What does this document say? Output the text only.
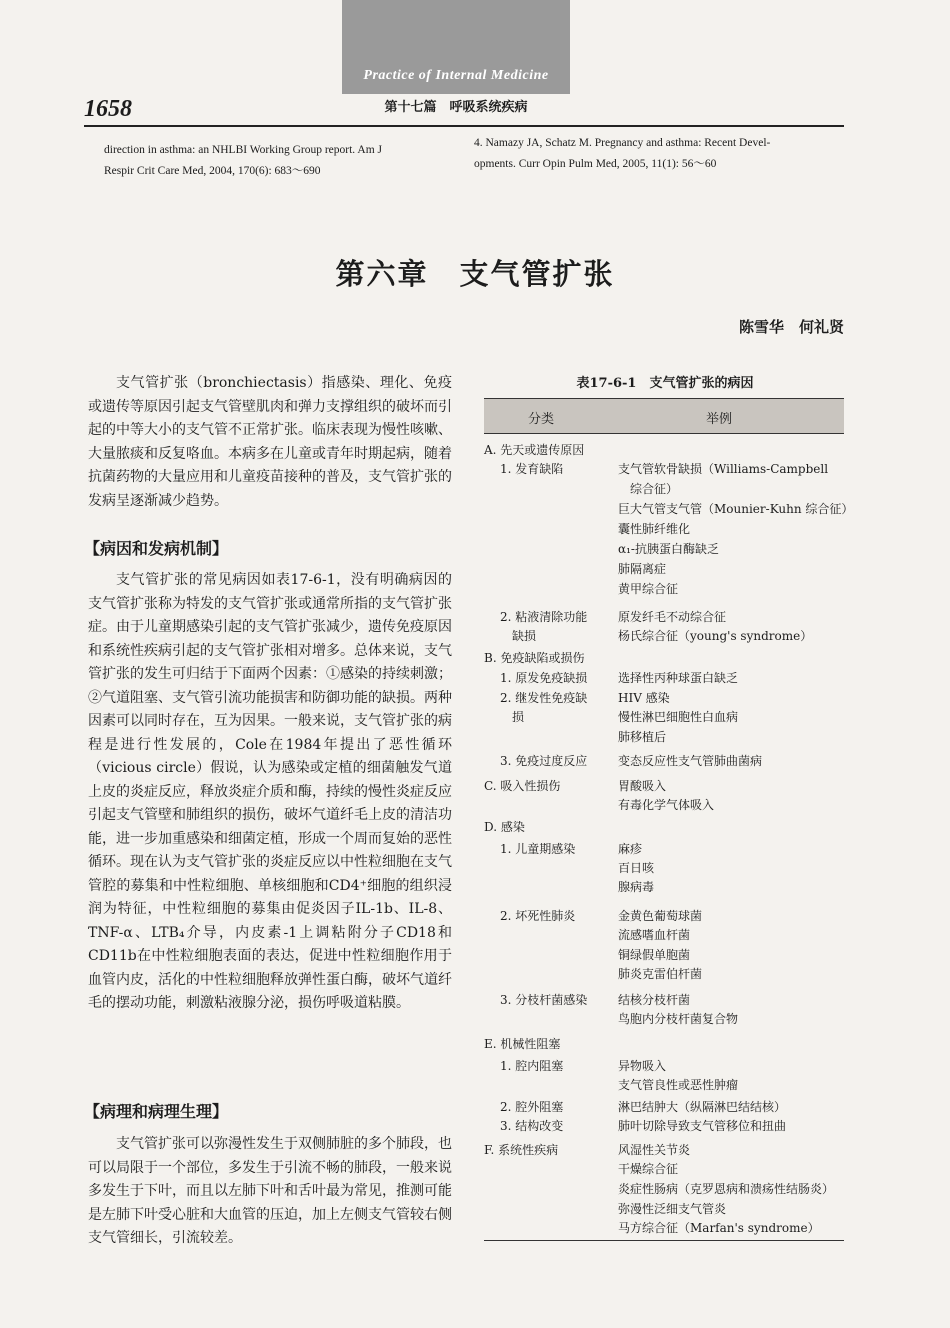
Practice of Internal Medicine
第十七篇　呼吸系统疾病
1658
direction in asthma: an NHLBI Working Group report. Am J
Respir Crit Care Med, 2004, 170(6): 683～690
4. Namazy JA, Schatz M. Pregnancy and asthma: Recent Devel-
opments. Curr Opin Pulm Med, 2005, 11(1): 56～60
第六章　支气管扩张
陈雪华　何礼贤
支气管扩张（bronchiectasis）指感染、理化、免疫或遗传等原因引起支气管壁肌肉和弹力支撑组织的破坏而引起的中等大小的支气管不正常扩张。临床表现为慢性咳嗽、大量脓痰和反复咯血。本病多在儿童或青年时期起病，随着抗菌药物的大量应用和儿童疫苗接种的普及，支气管扩张的发病呈逐渐减少趋势。
【病因和发病机制】
支气管扩张的常见病因如表17-6-1，没有明确病因的支气管扩张称为特发的支气管扩张或通常所指的支气管扩张症。由于儿童期感染引起的支气管扩张减少，遗传免疫原因和系统性疾病引起的支气管扩张相对增多。总体来说，支气管扩张的发生可归结于下面两个因素：①感染的持续刺激；②气道阻塞、支气管引流功能损害和防御功能的缺损。两种因素可以同时存在，互为因果。一般来说，支气管扩张的病程是进行性发展的，Cole在1984年提出了恶性循环（vicious circle）假说，认为感染或定植的细菌触发气道上皮的炎症反应，释放炎症介质和酶，持续的慢性炎症反应引起支气管壁和肺组织的损伤，破坏气道纤毛上皮的清洁功能，进一步加重感染和细菌定植，形成一个周而复始的恶性循环。现在认为支气管扩张的炎症反应以中性粒细胞在支气管腔的募集和中性粒细胞、单核细胞和CD4⁺细胞的组织浸润为特征，中性粒细胞的募集由促炎因子IL-1b、IL-8、TNF-α、LTB₄介导，内皮素-1上调粘附分子CD18和CD11b在中性粒细胞表面的表达，促进中性粒细胞作用于血管内皮，活化的中性粒细胞释放弹性蛋白酶，破坏气道纤毛的摆动功能，刺激粘液腺分泌，损伤呼吸道粘膜。
【病理和病理生理】
支气管扩张可以弥漫性发生于双侧肺脏的多个肺段，也可以局限于一个部位，多发生于引流不畅的肺段，一般来说多发生于下叶，而且以左肺下叶和舌叶最为常见，推测可能是左肺下叶受心脏和大血管的压迫，加上左侧支气管较右侧支气管细长，引流较差。
表17-6-1　支气管扩张的病因
分类	举例
A. 先天或遗传原因
1. 发育缺陷	支气管软骨缺损（Williams-Campbell
　综合征）
巨大气管支气管（Mounier-Kuhn 综合征）
囊性肺纤维化
α₁-抗胰蛋白酶缺乏
肺隔离症
黄甲综合征
2. 粘液清除功能	原发纤毛不动综合征
　缺损	杨氏综合征（young's syndrome）
B. 免疫缺陷或损伤
1. 原发免疫缺损	选择性丙种球蛋白缺乏
2. 继发性免疫缺	HIV 感染
　损	慢性淋巴细胞性白血病
肺移植后
3. 免疫过度反应	变态反应性支气管肺曲菌病
C. 吸入性损伤	胃酸吸入
有毒化学气体吸入
D. 感染
1. 儿童期感染	麻疹
百日咳
腺病毒
2. 坏死性肺炎	金黄色葡萄球菌
流感嗜血杆菌
铜绿假单胞菌
肺炎克雷伯杆菌
3. 分枝杆菌感染	结核分枝杆菌
鸟胞内分枝杆菌复合物
E. 机械性阻塞
1. 腔内阻塞	异物吸入
支气管良性或恶性肿瘤
2. 腔外阻塞	淋巴结肿大（纵隔淋巴结结核）
3. 结构改变	肺叶切除导致支气管移位和扭曲
F. 系统性疾病	风湿性关节炎
干燥综合征
炎症性肠病（克罗恩病和溃疡性结肠炎）
弥漫性泛细支气管炎
马方综合征（Marfan's syndrome）
